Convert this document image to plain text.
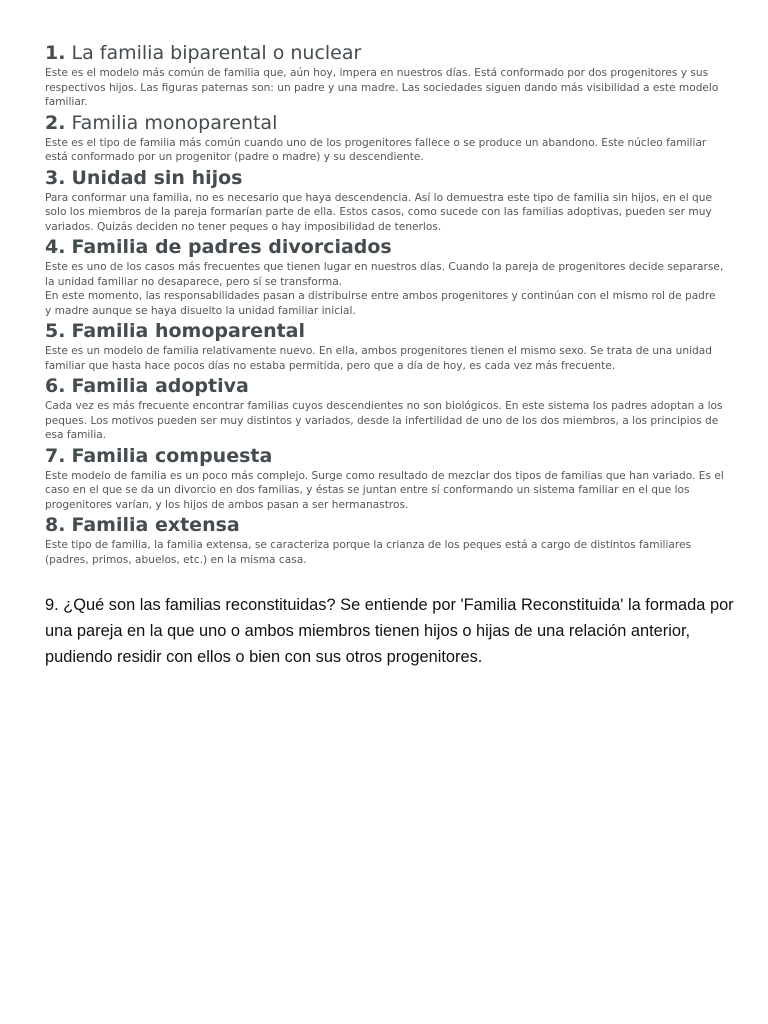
1. La familia biparental o nuclear

Este es el modelo más común de familia que, aún hoy, impera en nuestros días. Está conformado por dos progenitores y sus respectivos hijos. Las figuras paternas son: un padre y una madre. Las sociedades siguen dando más visibilidad a este modelo familiar.

2. Familia monoparental

Este es el tipo de familia más común cuando uno de los progenitores fallece o se produce un abandono. Este núcleo familiar está conformado por un progenitor (padre o madre) y su descendiente.

3. Unidad sin hijos

Para conformar una familia, no es necesario que haya descendencia. Así lo demuestra este tipo de familia sin hijos, en el que solo los miembros de la pareja formarían parte de ella. Estos casos, como sucede con las familias adoptivas, pueden ser muy variados. Quizás deciden no tener peques o hay imposibilidad de tenerlos.

4. Familia de padres divorciados

Este es uno de los casos más frecuentes que tienen lugar en nuestros días. Cuando la pareja de progenitores decide separarse, la unidad familiar no desaparece, pero sí se transforma.

En este momento, las responsabilidades pasan a distribuirse entre ambos progenitores y continúan con el mismo rol de padre y madre aunque se haya disuelto la unidad familiar inicial.

5. Familia homoparental

Este es un modelo de familia relativamente nuevo. En ella, ambos progenitores tienen el mismo sexo. Se trata de una unidad familiar que hasta hace pocos días no estaba permitida, pero que a día de hoy, es cada vez más frecuente.

6. Familia adoptiva

Cada vez es más frecuente encontrar familias cuyos descendientes no son biológicos. En este sistema los padres adoptan a los peques. Los motivos pueden ser muy distintos y variados, desde la infertilidad de uno de los dos miembros, a los principios de esa familia.

7. Familia compuesta

Este modelo de familia es un poco más complejo. Surge como resultado de mezclar dos tipos de familias que han variado. Es el caso en el que se da un divorcio en dos familias, y éstas se juntan entre sí conformando un sistema familiar en el que los progenitores varían, y los hijos de ambos pasan a ser hermanastros.

8. Familia extensa

Este tipo de familia, la familia extensa, se caracteriza porque la crianza de los peques está a cargo de distintos familiares (padres, primos, abuelos, etc.) en la misma casa.

9. ¿Qué son las familias reconstituidas? Se entiende por 'Familia Reconstituida' la formada por una pareja en la que uno o ambos miembros tienen hijos o hijas de una relación anterior, pudiendo residir con ellos o bien con sus otros progenitores.
